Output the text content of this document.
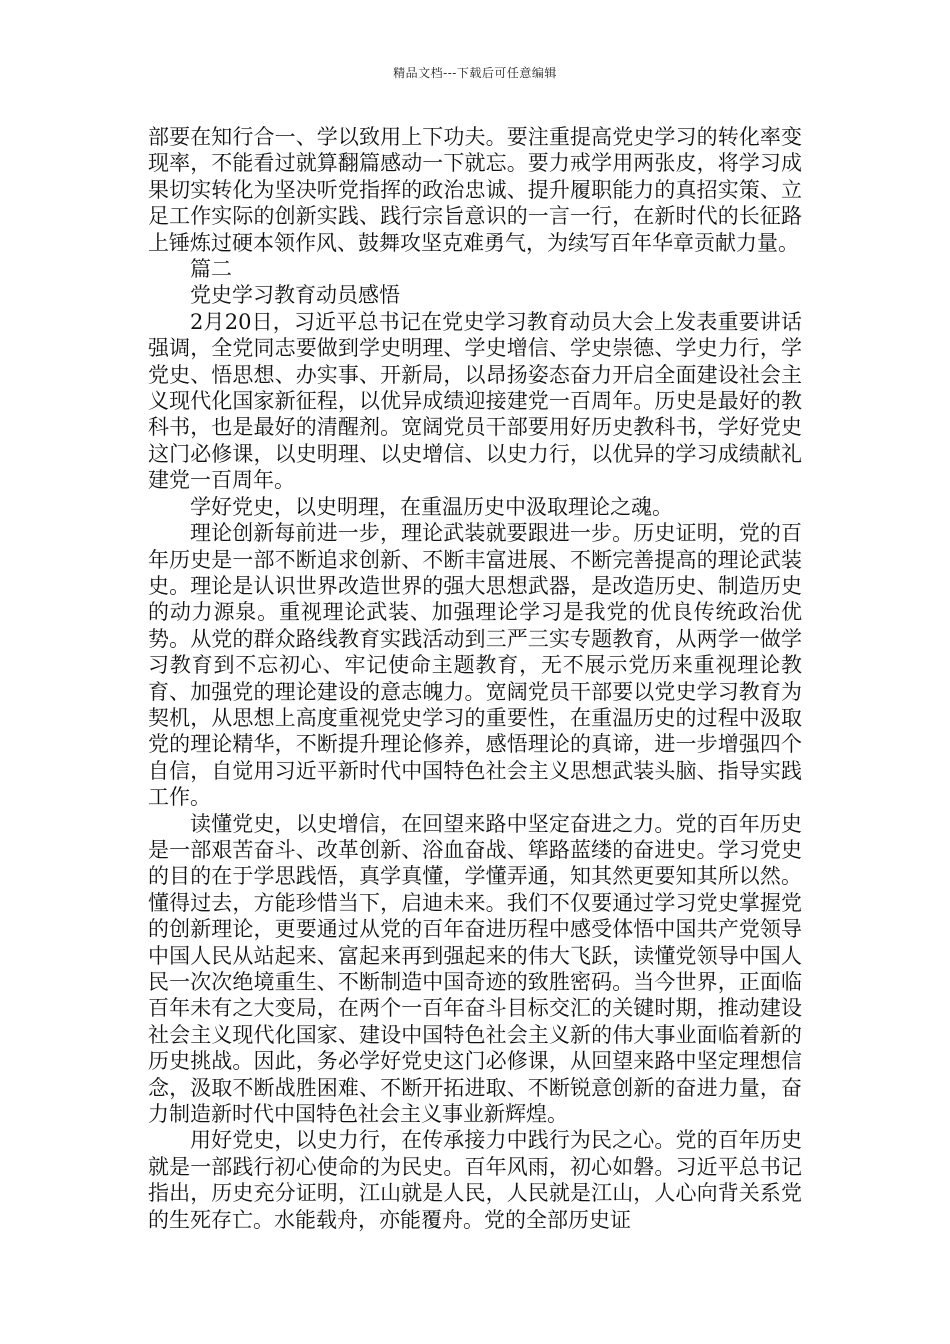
精品文档---下载后可任意编辑

部要在知行合一、学以致用上下功夫。要注重提高党史学习的转化率变现率，不能看过就算翻篇感动一下就忘。要力戒学用两张皮，将学习成果切实转化为坚决听党指挥的政治忠诚、提升履职能力的真招实策、立足工作实际的创新实践、践行宗旨意识的一言一行，在新时代的长征路上锤炼过硬本领作风、鼓舞攻坚克难勇气，为续写百年华章贡献力量。

篇二

党史学习教育动员感悟

2月20日，习近平总书记在党史学习教育动员大会上发表重要讲话强调，全党同志要做到学史明理、学史增信、学史崇德、学史力行，学党史、悟思想、办实事、开新局，以昂扬姿态奋力开启全面建设社会主义现代化国家新征程，以优异成绩迎接建党一百周年。历史是最好的教科书，也是最好的清醒剂。宽阔党员干部要用好历史教科书，学好党史这门必修课，以史明理、以史增信、以史力行，以优异的学习成绩献礼建党一百周年。

学好党史，以史明理，在重温历史中汲取理论之魂。

理论创新每前进一步，理论武装就要跟进一步。历史证明，党的百年历史是一部不断追求创新、不断丰富进展、不断完善提高的理论武装史。理论是认识世界改造世界的强大思想武器，是改造历史、制造历史的动力源泉。重视理论武装、加强理论学习是我党的优良传统政治优势。从党的群众路线教育实践活动到三严三实专题教育，从两学一做学习教育到不忘初心、牢记使命主题教育，无不展示党历来重视理论教育、加强党的理论建设的意志魄力。宽阔党员干部要以党史学习教育为契机，从思想上高度重视党史学习的重要性，在重温历史的过程中汲取党的理论精华，不断提升理论修养，感悟理论的真谛，进一步增强四个自信，自觉用习近平新时代中国特色社会主义思想武装头脑、指导实践工作。

读懂党史，以史增信，在回望来路中坚定奋进之力。党的百年历史是一部艰苦奋斗、改革创新、浴血奋战、筚路蓝缕的奋进史。学习党史的目的在于学思践悟，真学真懂，学懂弄通，知其然更要知其所以然。懂得过去，方能珍惜当下，启迪未来。我们不仅要通过学习党史掌握党的创新理论，更要通过从党的百年奋进历程中感受体悟中国共产党领导中国人民从站起来、富起来再到强起来的伟大飞跃，读懂党领导中国人民一次次绝境重生、不断制造中国奇迹的致胜密码。当今世界，正面临百年未有之大变局，在两个一百年奋斗目标交汇的关键时期，推动建设社会主义现代化国家、建设中国特色社会主义新的伟大事业面临着新的历史挑战。因此，务必学好党史这门必修课，从回望来路中坚定理想信念，汲取不断战胜困难、不断开拓进取、不断锐意创新的奋进力量，奋力制造新时代中国特色社会主义事业新辉煌。

用好党史，以史力行，在传承接力中践行为民之心。党的百年历史就是一部践行初心使命的为民史。百年风雨，初心如磐。习近平总书记指出，历史充分证明，江山就是人民，人民就是江山，人心向背关系党的生死存亡。水能载舟，亦能覆舟。党的全部历史证
